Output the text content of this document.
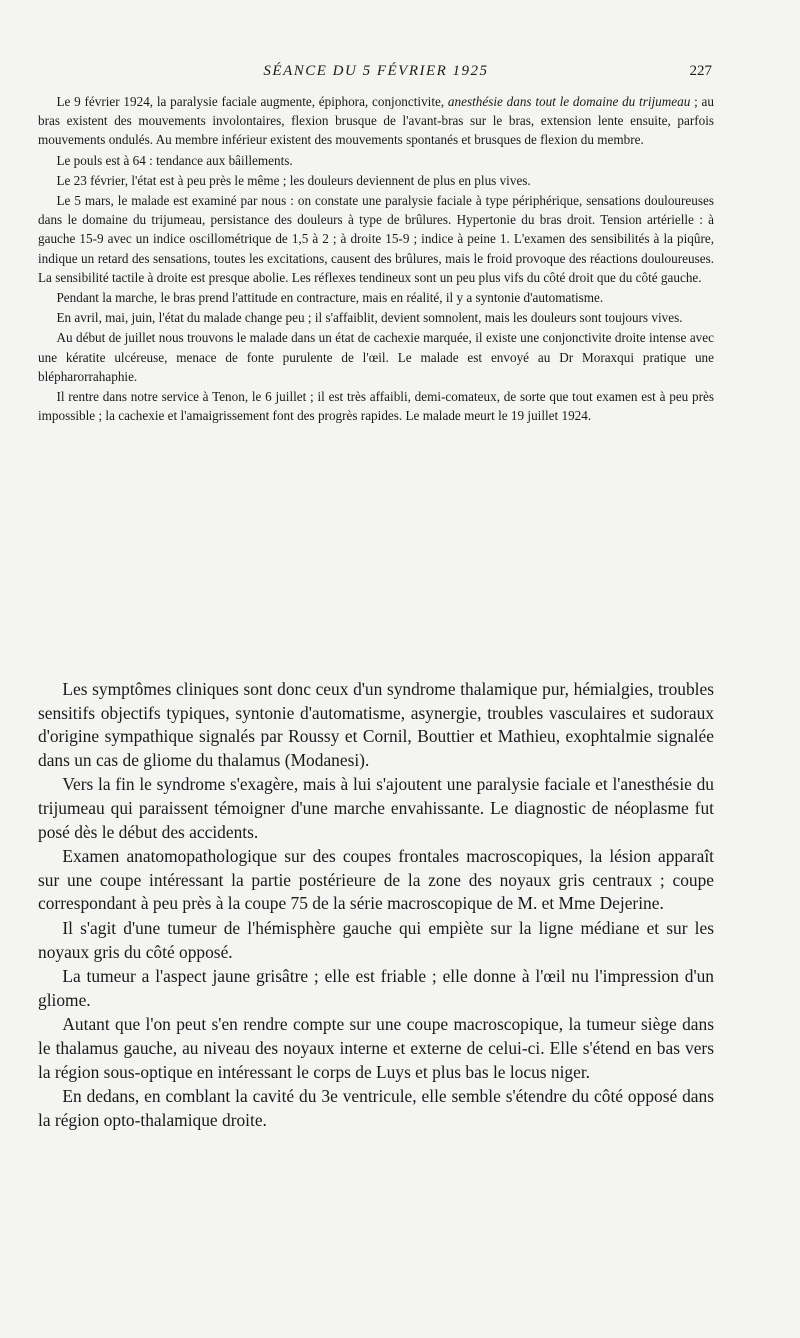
SÉANCE DU 5 FÉVRIER 1925	227

Le 9 février 1924, la paralysie faciale augmente, épiphora, conjonctivite, anesthésie dans tout le domaine du trijumeau ; au bras existent des mouvements involontaires, flexion brusque de l'avant-bras sur le bras, extension lente ensuite, parfois mouvements ondulés. Au membre inférieur existent des mouvements spontanés et brusques de flexion du membre.

Le pouls est à 64 : tendance aux bâillements.

Le 23 février, l'état est à peu près le même ; les douleurs deviennent de plus en plus vives.

Le 5 mars, le malade est examiné par nous : on constate une paralysie faciale à type périphérique, sensations douloureuses dans le domaine du trijumeau, persistance des douleurs à type de brûlures. Hypertonie du bras droit. Tension artérielle : à gauche 15-9 avec un indice oscillométrique de 1,5 à 2 ; à droite 15-9 ; indice à peine 1. L'examen des sensibilités à la piqûre, indique un retard des sensations, toutes les excitations, causent des brûlures, mais le froid provoque des réactions douloureuses. La sensibilité tactile à droite est presque abolie. Les réflexes tendineux sont un peu plus vifs du côté droit que du côté gauche.

Pendant la marche, le bras prend l'attitude en contracture, mais en réalité, il y a syntonie d'automatisme.

En avril, mai, juin, l'état du malade change peu ; il s'affaiblit, devient somnolent, mais les douleurs sont toujours vives.

Au début de juillet nous trouvons le malade dans un état de cachexie marquée, il existe une conjonctivite droite intense avec une kératite ulcéreuse, menace de fonte purulente de l'œil. Le malade est envoyé au Dr Moraxqui pratique une blépharorrahaphie.

Il rentre dans notre service à Tenon, le 6 juillet ; il est très affaibli, demi-comateux, de sorte que tout examen est à peu près impossible ; la cachexie et l'amaigrissement font des progrès rapides. Le malade meurt le 19 juillet 1924.

Les symptômes cliniques sont donc ceux d'un syndrome thalamique pur, hémialgies, troubles sensitifs objectifs typiques, syntonie d'automatisme, asynergie, troubles vasculaires et sudoraux d'origine sympathique signalés par Roussy et Cornil, Bouttier et Mathieu, exophtalmie signalée dans un cas de gliome du thalamus (Modanesi).

Vers la fin le syndrome s'exagère, mais à lui s'ajoutent une paralysie faciale et l'anesthésie du trijumeau qui paraissent témoigner d'une marche envahissante. Le diagnostic de néoplasme fut posé dès le début des accidents.

Examen anatomopathologique sur des coupes frontales macroscopiques, la lésion apparaît sur une coupe intéressant la partie postérieure de la zone des noyaux gris centraux ; coupe correspondant à peu près à la coupe 75 de la série macroscopique de M. et Mme Dejerine.

Il s'agit d'une tumeur de l'hémisphère gauche qui empiète sur la ligne médiane et sur les noyaux gris du côté opposé.

La tumeur a l'aspect jaune grisâtre ; elle est friable ; elle donne à l'œil nu l'impression d'un gliome.

Autant que l'on peut s'en rendre compte sur une coupe macroscopique, la tumeur siège dans le thalamus gauche, au niveau des noyaux interne et externe de celui-ci. Elle s'étend en bas vers la région sous-optique en intéressant le corps de Luys et plus bas le locus niger.

En dedans, en comblant la cavité du 3e ventricule, elle semble s'étendre du côté opposé dans la région opto-thalamique droite.
